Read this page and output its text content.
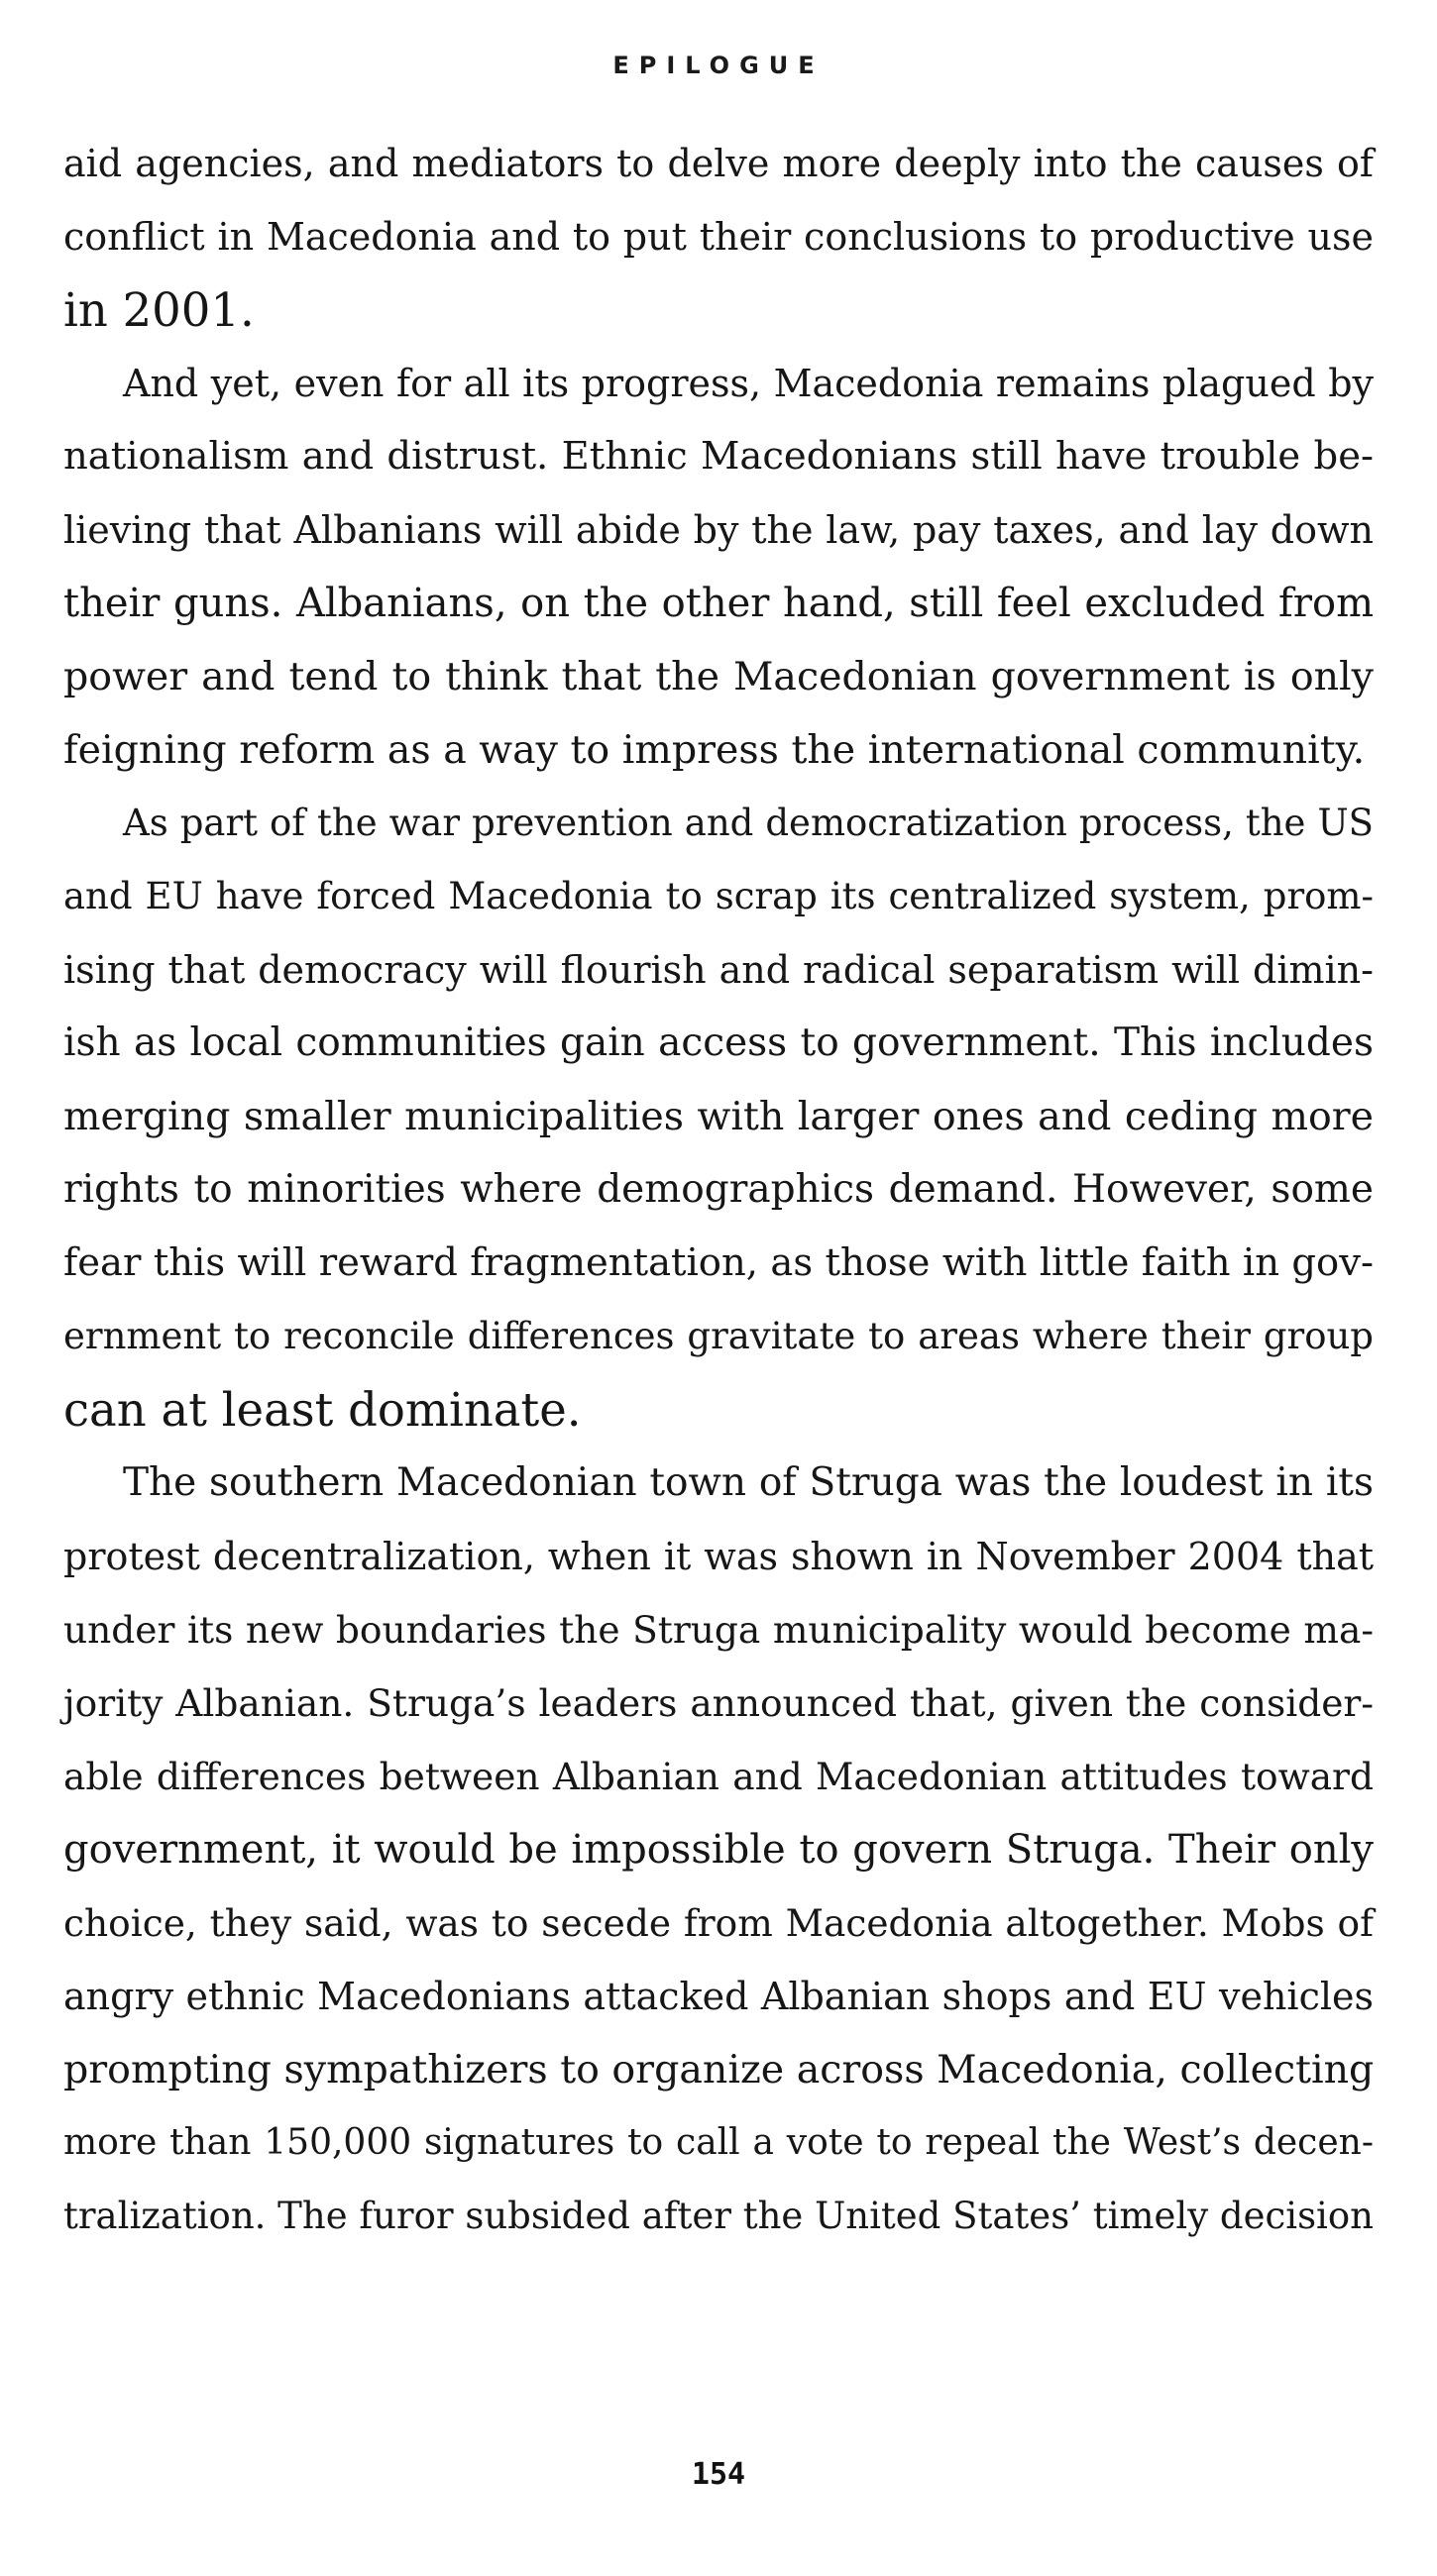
EPILOGUE
aid agencies, and mediators to delve more deeply into the causes of
conflict in Macedonia and to put their conclusions to productive use
in 2001.
And yet, even for all its progress, Macedonia remains plagued by
nationalism and distrust. Ethnic Macedonians still have trouble be-
lieving that Albanians will abide by the law, pay taxes, and lay down
their guns. Albanians, on the other hand, still feel excluded from
power and tend to think that the Macedonian government is only
feigning reform as a way to impress the international community.
As part of the war prevention and democratization process, the US
and EU have forced Macedonia to scrap its centralized system, prom-
ising that democracy will flourish and radical separatism will dimin-
ish as local communities gain access to government. This includes
merging smaller municipalities with larger ones and ceding more
rights to minorities where demographics demand. However, some
fear this will reward fragmentation, as those with little faith in gov-
ernment to reconcile differences gravitate to areas where their group
can at least dominate.
The southern Macedonian town of Struga was the loudest in its
protest decentralization, when it was shown in November 2004 that
under its new boundaries the Struga municipality would become ma-
jority Albanian. Struga’s leaders announced that, given the consider-
able differences between Albanian and Macedonian attitudes toward
government, it would be impossible to govern Struga. Their only
choice, they said, was to secede from Macedonia altogether. Mobs of
angry ethnic Macedonians attacked Albanian shops and EU vehicles
prompting sympathizers to organize across Macedonia, collecting
more than 150,000 signatures to call a vote to repeal the West’s decen-
tralization. The furor subsided after the United States’ timely decision
154
